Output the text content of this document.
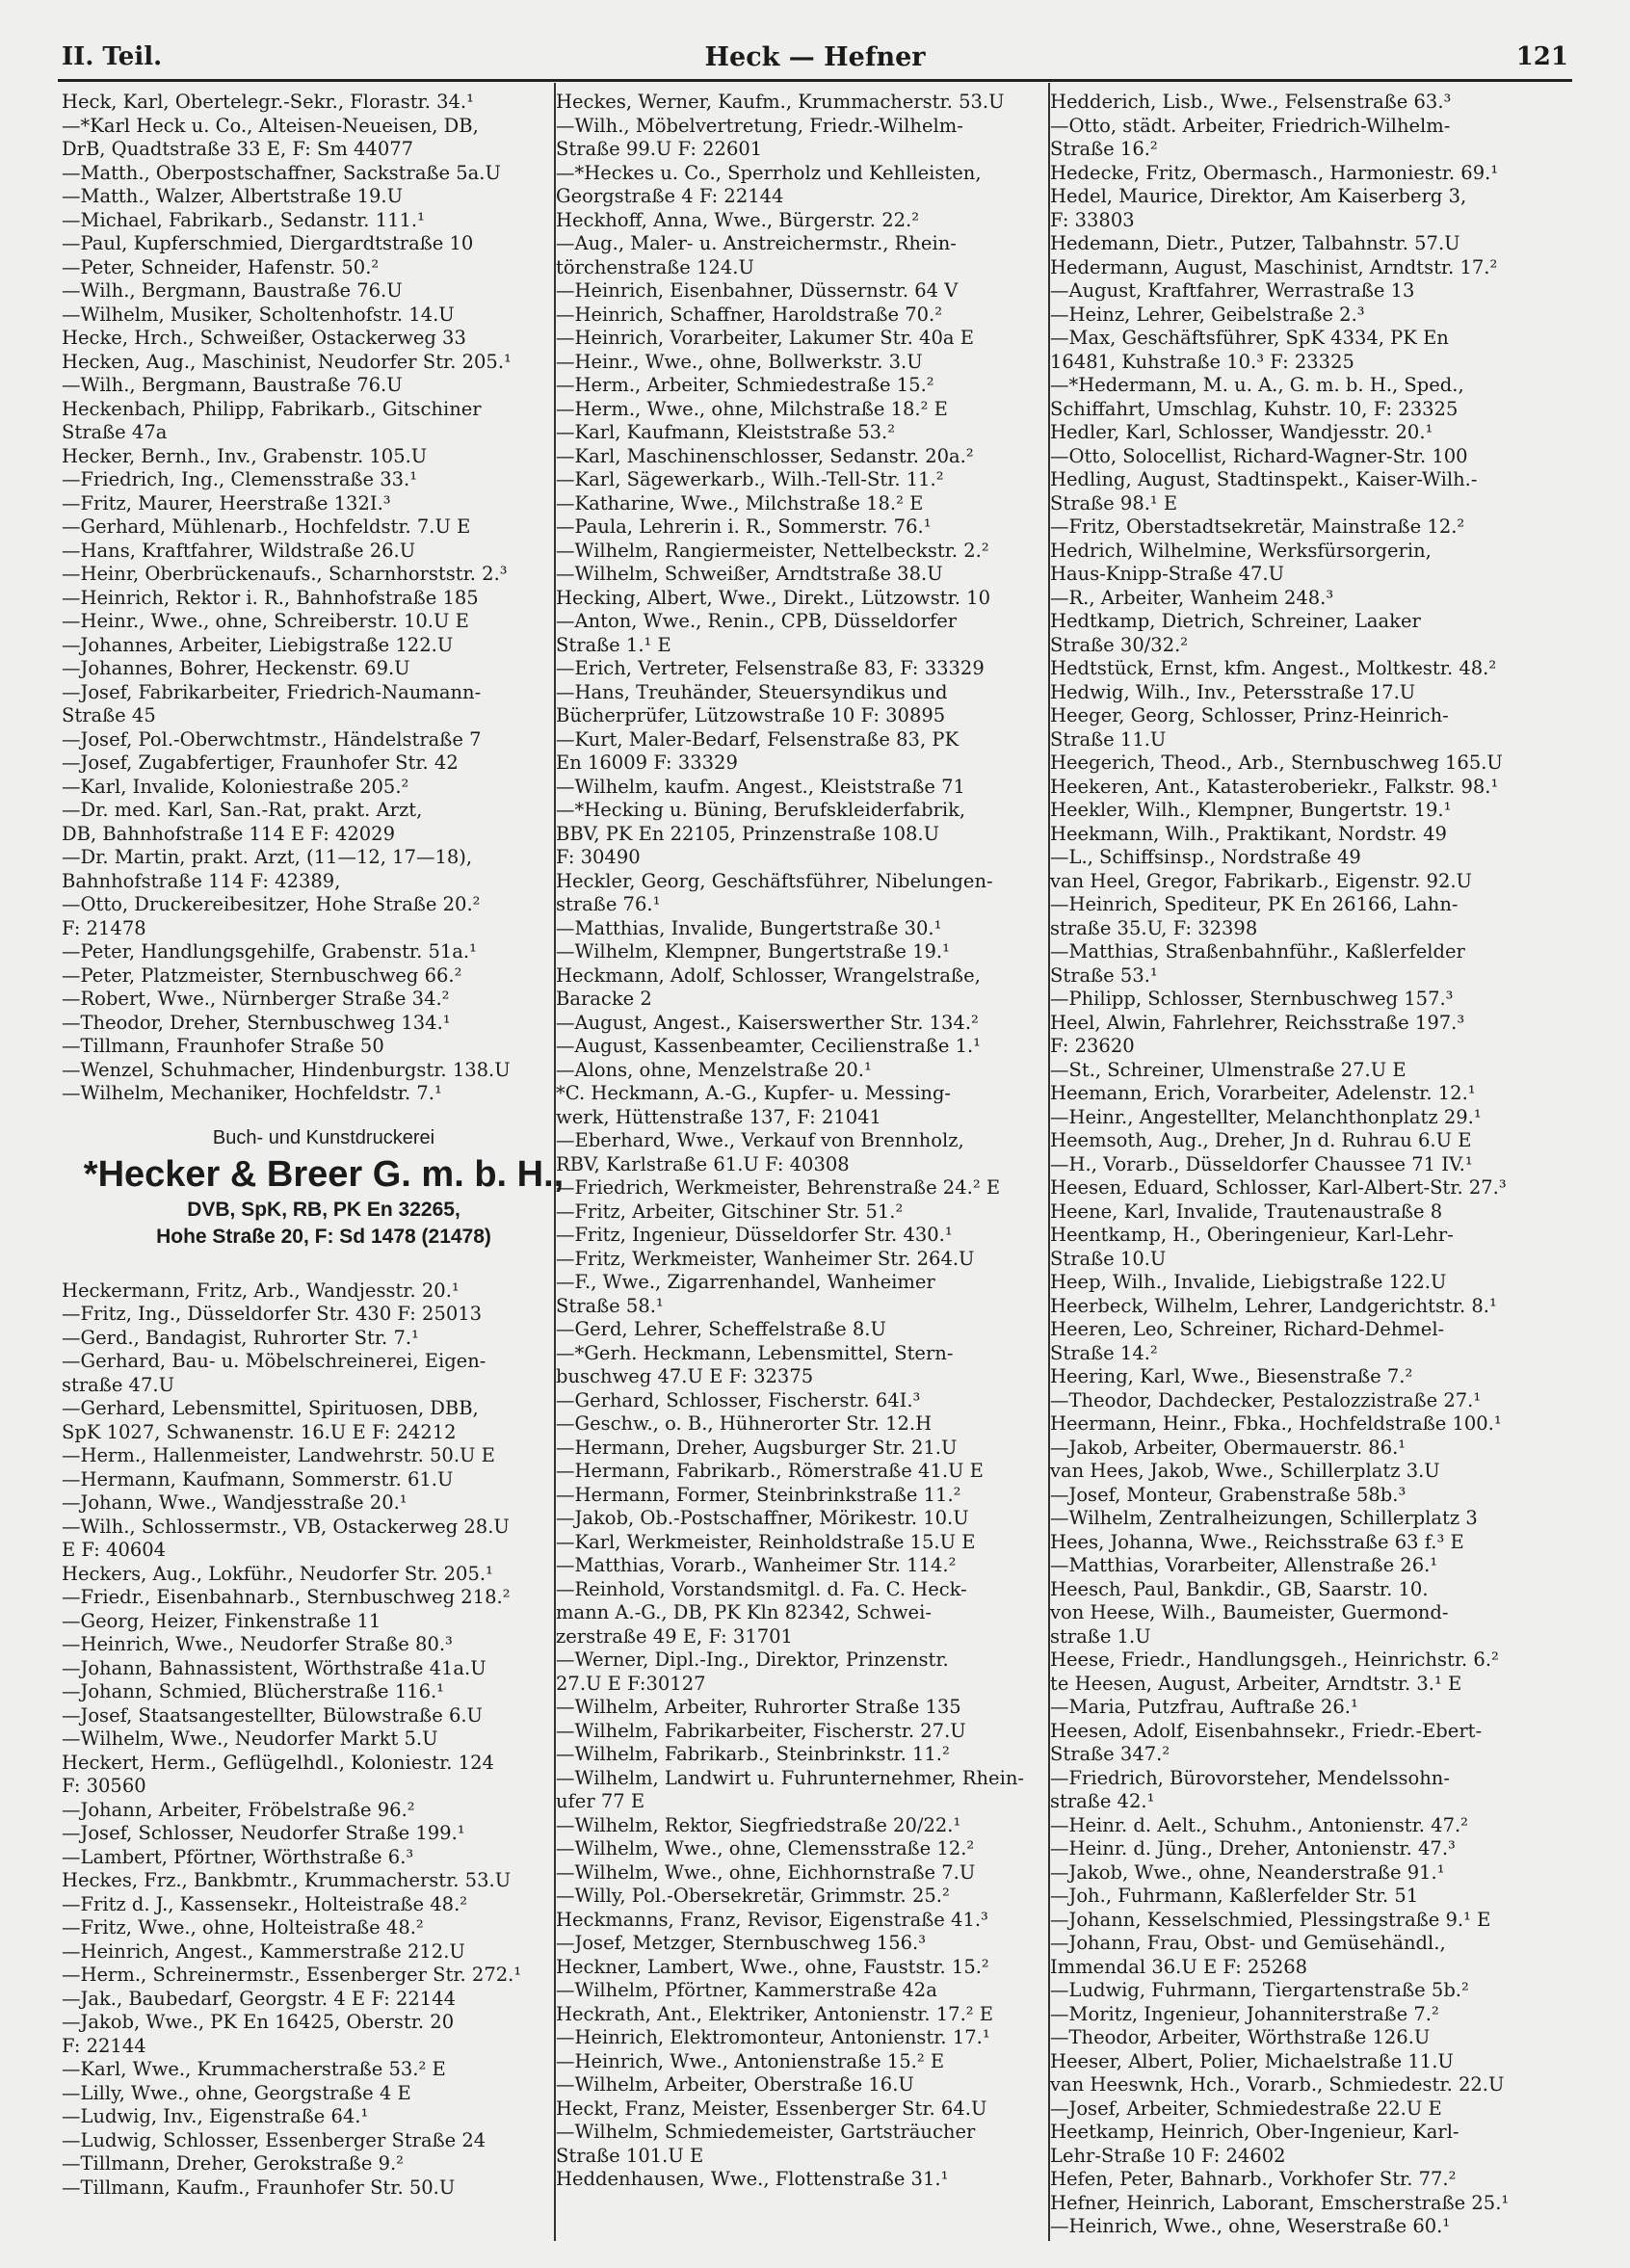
II. Teil.	Heck — Hefner	121
Heck, Karl, Obertelegr.-Sekr., Florastr. 34.¹
—*Karl Heck u. Co., Alteisen-Neueisen, DB,
DrB, Quadtstraße 33 E, F: Sm 44077
—Matth., Oberpostschaffner, Sackstraße 5a.U
—Matth., Walzer, Albertstraße 19.U
—Michael, Fabrikarb., Sedanstr. 111.¹
—Paul, Kupferschmied, Diergardtstraße 10
—Peter, Schneider, Hafenstr. 50.²
—Wilh., Bergmann, Baustraße 76.U
—Wilhelm, Musiker, Scholtenhofstr. 14.U
Hecke, Hrch., Schweißer, Ostackerweg 33
Hecken, Aug., Maschinist, Neudorfer Str. 205.¹
—Wilh., Bergmann, Baustraße 76.U
Heckenbach, Philipp, Fabrikarb., Gitschiner
Straße 47a
Hecker, Bernh., Inv., Grabenstr. 105.U
—Friedrich, Ing., Clemensstraße 33.¹
—Fritz, Maurer, Heerstraße 132I.³
—Gerhard, Mühlenarb., Hochfeldstr. 7.U E
—Hans, Kraftfahrer, Wildstraße 26.U
—Heinr, Oberbrückenaufs., Scharnhorststr. 2.³
—Heinrich, Rektor i. R., Bahnhofstraße 185
—Heinr., Wwe., ohne, Schreiberstr. 10.U E
—Johannes, Arbeiter, Liebigstraße 122.U
—Johannes, Bohrer, Heckenstr. 69.U
—Josef, Fabrikarbeiter, Friedrich-Naumann-
Straße 45
—Josef, Pol.-Oberwchtmstr., Händelstraße 7
—Josef, Zugabfertiger, Fraunhofer Str. 42
—Karl, Invalide, Koloniestraße 205.²
—Dr. med. Karl, San.-Rat, prakt. Arzt,
DB, Bahnhofstraße 114 E F: 42029
—Dr. Martin, prakt. Arzt, (11—12, 17—18),
Bahnhofstraße 114 F: 42389,
—Otto, Druckereibesitzer, Hohe Straße 20.²
F: 21478
—Peter, Handlungsgehilfe, Grabenstr. 51a.¹
—Peter, Platzmeister, Sternbuschweg 66.²
—Robert, Wwe., Nürnberger Straße 34.²
—Theodor, Dreher, Sternbuschweg 134.¹
—Tillmann, Fraunhofer Straße 50
—Wenzel, Schuhmacher, Hindenburgstr. 138.U
—Wilhelm, Mechaniker, Hochfeldstr. 7.¹
Buch- und Kunstdruckerei
*Hecker & Breer G. m. b. H.,
DVB, SpK, RB, PK En 32265,
Hohe Straße 20, F: Sd 1478 (21478)
Heckermann, Fritz, Arb., Wandjesstr. 20.¹
—Fritz, Ing., Düsseldorfer Str. 430 F: 25013
—Gerd., Bandagist, Ruhrorter Str. 7.¹
—Gerhard, Bau- u. Möbelschreinerei, Eigen-
straße 47.U
—Gerhard, Lebensmittel, Spirituosen, DBB,
SpK 1027, Schwanenstr. 16.U E F: 24212
—Herm., Hallenmeister, Landwehrstr. 50.U E
—Hermann, Kaufmann, Sommerstr. 61.U
—Johann, Wwe., Wandjesstraße 20.¹
—Wilh., Schlossermstr., VB, Ostackerweg 28.U
E F: 40604
Heckers, Aug., Lokführ., Neudorfer Str. 205.¹
—Friedr., Eisenbahnarb., Sternbuschweg 218.²
—Georg, Heizer, Finkenstraße 11
—Heinrich, Wwe., Neudorfer Straße 80.³
—Johann, Bahnassistent, Wörthstraße 41a.U
—Johann, Schmied, Blücherstraße 116.¹
—Josef, Staatsangestellter, Bülowstraße 6.U
—Wilhelm, Wwe., Neudorfer Markt 5.U
Heckert, Herm., Geflügelhdl., Koloniestr. 124
F: 30560
—Johann, Arbeiter, Fröbelstraße 96.²
—Josef, Schlosser, Neudorfer Straße 199.¹
—Lambert, Pförtner, Wörthstraße 6.³
Heckes, Frz., Bankbmtr., Krummacherstr. 53.U
—Fritz d. J., Kassensekr., Holteistraße 48.²
—Fritz, Wwe., ohne, Holteistraße 48.²
—Heinrich, Angest., Kammerstraße 212.U
—Herm., Schreinermstr., Essenberger Str. 272.¹
—Jak., Baubedarf, Georgstr. 4 E F: 22144
—Jakob, Wwe., PK En 16425, Oberstr. 20
F: 22144
—Karl, Wwe., Krummacherstraße 53.² E
—Lilly, Wwe., ohne, Georgstraße 4 E
—Ludwig, Inv., Eigenstraße 64.¹
—Ludwig, Schlosser, Essenberger Straße 24
—Tillmann, Dreher, Gerokstraße 9.²
—Tillmann, Kaufm., Fraunhofer Str. 50.U
Heckes, Werner, Kaufm., Krummacherstr. 53.U
—Wilh., Möbelvertretung, Friedr.-Wilhelm-
Straße 99.U F: 22601
—*Heckes u. Co., Sperrholz und Kehlleisten,
Georgstraße 4 F: 22144
Heckhoff, Anna, Wwe., Bürgerstr. 22.²
—Aug., Maler- u. Anstreichermstr., Rhein-
törchenstraße 124.U
—Heinrich, Eisenbahner, Düssernstr. 64 V
—Heinrich, Schaffner, Haroldstraße 70.²
—Heinrich, Vorarbeiter, Lakumer Str. 40a E
—Heinr., Wwe., ohne, Bollwerkstr. 3.U
—Herm., Arbeiter, Schmiedestraße 15.²
—Herm., Wwe., ohne, Milchstraße 18.² E
—Karl, Kaufmann, Kleiststraße 53.²
—Karl, Maschinenschlosser, Sedanstr. 20a.²
—Karl, Sägewerkarb., Wilh.-Tell-Str. 11.²
—Katharine, Wwe., Milchstraße 18.² E
—Paula, Lehrerin i. R., Sommerstr. 76.¹
—Wilhelm, Rangiermeister, Nettelbeckstr. 2.²
—Wilhelm, Schweißer, Arndtstraße 38.U
Hecking, Albert, Wwe., Direkt., Lützowstr. 10
—Anton, Wwe., Renin., CPB, Düsseldorfer
Straße 1.¹ E
—Erich, Vertreter, Felsenstraße 83, F: 33329
—Hans, Treuhänder, Steuersyndikus und
Bücherprüfer, Lützowstraße 10 F: 30895
—Kurt, Maler-Bedarf, Felsenstraße 83, PK
En 16009 F: 33329
—Wilhelm, kaufm. Angest., Kleiststraße 71
—*Hecking u. Büning, Berufskleiderfabrik,
BBV, PK En 22105, Prinzenstraße 108.U
F: 30490
Heckler, Georg, Geschäftsführer, Nibelungen-
straße 76.¹
—Matthias, Invalide, Bungertstraße 30.¹
—Wilhelm, Klempner, Bungertstraße 19.¹
Heckmann, Adolf, Schlosser, Wrangelstraße,
Baracke 2
—August, Angest., Kaiserswerther Str. 134.²
—August, Kassenbeamter, Cecilienstraße 1.¹
—Alons, ohne, Menzelstraße 20.¹
*C. Heckmann, A.-G., Kupfer- u. Messing-
werk, Hüttenstraße 137, F: 21041
—Eberhard, Wwe., Verkauf von Brennholz,
RBV, Karlstraße 61.U F: 40308
—Friedrich, Werkmeister, Behrenstraße 24.² E
—Fritz, Arbeiter, Gitschiner Str. 51.²
—Fritz, Ingenieur, Düsseldorfer Str. 430.¹
—Fritz, Werkmeister, Wanheimer Str. 264.U
—F., Wwe., Zigarrenhandel, Wanheimer
Straße 58.¹
—Gerd, Lehrer, Scheffelstraße 8.U
—*Gerh. Heckmann, Lebensmittel, Stern-
buschweg 47.U E F: 32375
—Gerhard, Schlosser, Fischerstr. 64I.³
—Geschw., o. B., Hühnerorter Str. 12.H
—Hermann, Dreher, Augsburger Str. 21.U
—Hermann, Fabrikarb., Römerstraße 41.U E
—Hermann, Former, Steinbrinkstraße 11.²
—Jakob, Ob.-Postschaffner, Mörikestr. 10.U
—Karl, Werkmeister, Reinholdstraße 15.U E
—Matthias, Vorarb., Wanheimer Str. 114.²
—Reinhold, Vorstandsmitgl. d. Fa. C. Heck-
mann A.-G., DB, PK Kln 82342, Schwei-
zerstraße 49 E, F: 31701
—Werner, Dipl.-Ing., Direktor, Prinzenstr.
27.U E F:30127
—Wilhelm, Arbeiter, Ruhrorter Straße 135
—Wilhelm, Fabrikarbeiter, Fischerstr. 27.U
—Wilhelm, Fabrikarb., Steinbrinkstr. 11.²
—Wilhelm, Landwirt u. Fuhrunternehmer, Rhein-
ufer 77 E
—Wilhelm, Rektor, Siegfriedstraße 20/22.¹
—Wilhelm, Wwe., ohne, Clemensstraße 12.²
—Wilhelm, Wwe., ohne, Eichhornstraße 7.U
—Willy, Pol.-Obersekretär, Grimmstr. 25.²
Heckmanns, Franz, Revisor, Eigenstraße 41.³
—Josef, Metzger, Sternbuschweg 156.³
Heckner, Lambert, Wwe., ohne, Fauststr. 15.²
—Wilhelm, Pförtner, Kammerstraße 42a
Heckrath, Ant., Elektriker, Antonienstr. 17.² E
—Heinrich, Elektromonteur, Antonienstr. 17.¹
—Heinrich, Wwe., Antonienstraße 15.² E
—Wilhelm, Arbeiter, Oberstraße 16.U
Heckt, Franz, Meister, Essenberger Str. 64.U
—Wilhelm, Schmiedemeister, Gartsträucher
Straße 101.U E
Heddenhausen, Wwe., Flottenstraße 31.¹
Hedderich, Lisb., Wwe., Felsenstraße 63.³
—Otto, städt. Arbeiter, Friedrich-Wilhelm-
Straße 16.²
Hedecke, Fritz, Obermasch., Harmoniestr. 69.¹
Hedel, Maurice, Direktor, Am Kaiserberg 3,
F: 33803
Hedemann, Dietr., Putzer, Talbahnstr. 57.U
Hedermann, August, Maschinist, Arndtstr. 17.²
—August, Kraftfahrer, Werrastraße 13
—Heinz, Lehrer, Geibelstraße 2.³
—Max, Geschäftsführer, SpK 4334, PK En
16481, Kuhstraße 10.³ F: 23325
—*Hedermann, M. u. A., G. m. b. H., Sped.,
Schiffahrt, Umschlag, Kuhstr. 10, F: 23325
Hedler, Karl, Schlosser, Wandjesstr. 20.¹
—Otto, Solocellist, Richard-Wagner-Str. 100
Hedling, August, Stadtinspekt., Kaiser-Wilh.-
Straße 98.¹ E
—Fritz, Oberstadtsekretär, Mainstraße 12.²
Hedrich, Wilhelmine, Werksfürsorgerin,
Haus-Knipp-Straße 47.U
—R., Arbeiter, Wanheim 248.³
Hedtkamp, Dietrich, Schreiner, Laaker
Straße 30/32.²
Hedtstück, Ernst, kfm. Angest., Moltkestr. 48.²
Hedwig, Wilh., Inv., Petersstraße 17.U
Heeger, Georg, Schlosser, Prinz-Heinrich-
Straße 11.U
Heegerich, Theod., Arb., Sternbuschweg 165.U
Heekeren, Ant., Katasteroberiekr., Falkstr. 98.¹
Heekler, Wilh., Klempner, Bungertstr. 19.¹
Heekmann, Wilh., Praktikant, Nordstr. 49
—L., Schiffsinsp., Nordstraße 49
van Heel, Gregor, Fabrikarb., Eigenstr. 92.U
—Heinrich, Spediteur, PK En 26166, Lahn-
straße 35.U, F: 32398
—Matthias, Straßenbahnführ., Kaßlerfelder
Straße 53.¹
—Philipp, Schlosser, Sternbuschweg 157.³
Heel, Alwin, Fahrlehrer, Reichsstraße 197.³
F: 23620
—St., Schreiner, Ulmenstraße 27.U E
Heemann, Erich, Vorarbeiter, Adelenstr. 12.¹
—Heinr., Angestellter, Melanchthonplatz 29.¹
Heemsoth, Aug., Dreher, Jn d. Ruhrau 6.U E
—H., Vorarb., Düsseldorfer Chaussee 71 IV.¹
Heesen, Eduard, Schlosser, Karl-Albert-Str. 27.³
Heene, Karl, Invalide, Trautenaustraße 8
Heentkamp, H., Oberingenieur, Karl-Lehr-
Straße 10.U
Heep, Wilh., Invalide, Liebigstraße 122.U
Heerbeck, Wilhelm, Lehrer, Landgerichtstr. 8.¹
Heeren, Leo, Schreiner, Richard-Dehmel-
Straße 14.²
Heering, Karl, Wwe., Biesenstraße 7.²
—Theodor, Dachdecker, Pestalozzistraße 27.¹
Heermann, Heinr., Fbka., Hochfeldstraße 100.¹
—Jakob, Arbeiter, Obermauerstr. 86.¹
van Hees, Jakob, Wwe., Schillerplatz 3.U
—Josef, Monteur, Grabenstraße 58b.³
—Wilhelm, Zentralheizungen, Schillerplatz 3
Hees, Johanna, Wwe., Reichsstraße 63 f.³ E
—Matthias, Vorarbeiter, Allenstraße 26.¹
Heesch, Paul, Bankdir., GB, Saarstr. 10.
von Heese, Wilh., Baumeister, Guermond-
straße 1.U
Heese, Friedr., Handlungsgeh., Heinrichstr. 6.²
te Heesen, August, Arbeiter, Arndtstr. 3.¹ E
—Maria, Putzfrau, Auftraße 26.¹
Heesen, Adolf, Eisenbahnsekr., Friedr.-Ebert-
Straße 347.²
—Friedrich, Bürovorsteher, Mendelssohn-
straße 42.¹
—Heinr. d. Aelt., Schuhm., Antonienstr. 47.²
—Heinr. d. Jüng., Dreher, Antonienstr. 47.³
—Jakob, Wwe., ohne, Neanderstraße 91.¹
—Joh., Fuhrmann, Kaßlerfelder Str. 51
—Johann, Kesselschmied, Plessingstraße 9.¹ E
—Johann, Frau, Obst- und Gemüsehändl.,
Immendal 36.U E F: 25268
—Ludwig, Fuhrmann, Tiergartenstraße 5b.²
—Moritz, Ingenieur, Johanniterstraße 7.²
—Theodor, Arbeiter, Wörthstraße 126.U
Heeser, Albert, Polier, Michaelstraße 11.U
van Heeswnk, Hch., Vorarb., Schmiedestr. 22.U
—Josef, Arbeiter, Schmiedestraße 22.U E
Heetkamp, Heinrich, Ober-Ingenieur, Karl-
Lehr-Straße 10 F: 24602
Hefen, Peter, Bahnarb., Vorkhofer Str. 77.²
Hefner, Heinrich, Laborant, Emscherstraße 25.¹
—Heinrich, Wwe., ohne, Weserstraße 60.¹
